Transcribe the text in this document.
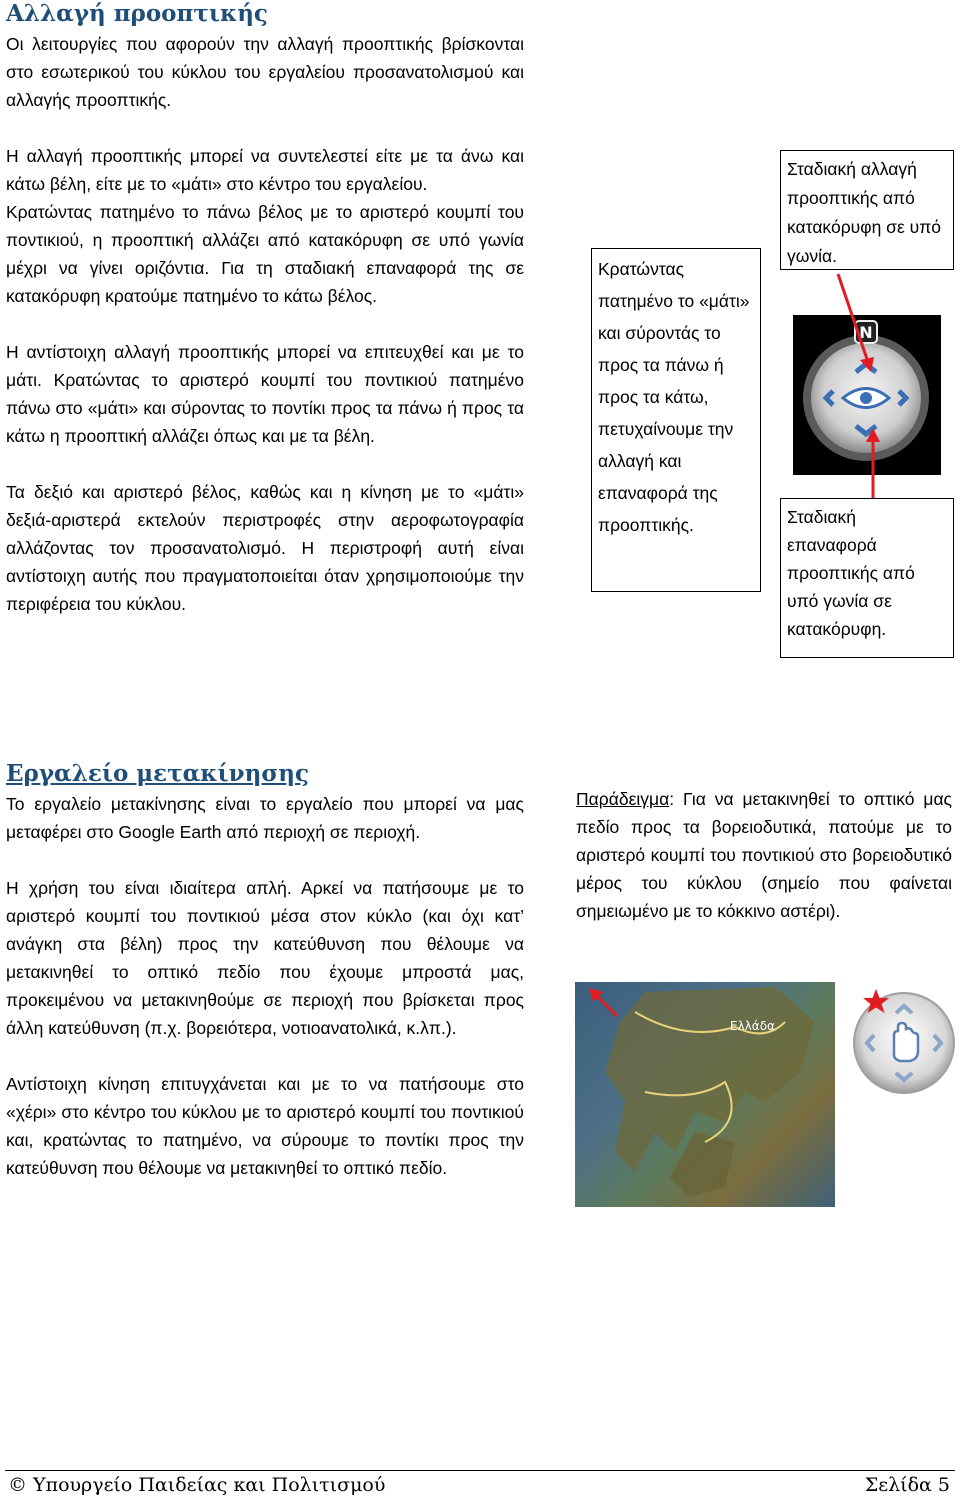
Αλλαγή προοπτικής

Οι λειτουργίες που αφορούν την αλλαγή προοπτικής βρίσκονται στο εσωτερικού του κύκλου του εργαλείου προσανατολισμού και αλλαγής προοπτικής.

Η αλλαγή προοπτικής μπορεί να συντελεστεί είτε με τα άνω και κάτω βέλη, είτε με το «μάτι» στο κέντρο του εργαλείου.
Κρατώντας πατημένο το πάνω βέλος με το αριστερό κουμπί του ποντικιού, η προοπτική αλλάζει από κατακόρυφη σε υπό γωνία μέχρι να γίνει οριζόντια. Για τη σταδιακή επαναφορά της σε κατακόρυφη κρατούμε πατημένο το κάτω βέλος.

Η αντίστοιχη αλλαγή προοπτικής μπορεί να επιτευχθεί και με το μάτι. Κρατώντας το αριστερό κουμπί του ποντικιού πατημένο πάνω στο «μάτι» και σύροντας το ποντίκι προς τα πάνω ή προς τα κάτω η προοπτική αλλάζει όπως και με τα βέλη.

Τα δεξιό και αριστερό βέλος, καθώς και η κίνηση με το «μάτι» δεξιά-αριστερά εκτελούν περιστροφές στην αεροφωτογραφία αλλάζοντας τον προσανατολισμό. Η περιστροφή αυτή είναι αντίστοιχη αυτής που πραγματοποιείται όταν χρησιμοποιούμε την περιφέρεια του κύκλου.

Κρατώντας πατημένο το «μάτι» και σύροντάς το προς τα πάνω ή προς τα κάτω, πετυχαίνουμε την αλλαγή και επαναφορά της προοπτικής.
Σταδιακή αλλαγή προοπτικής από κατακόρυφη σε υπό γωνία.
Σταδιακή επαναφορά προοπτικής από υπό γωνία σε κατακόρυφη.
N
Εργαλείο μετακίνησης

Το εργαλείο μετακίνησης είναι το εργαλείο που μπορεί να μας μεταφέρει στο Google Earth από περιοχή σε περιοχή.

Η χρήση του είναι ιδιαίτερα απλή. Αρκεί να πατήσουμε με το αριστερό κουμπί του ποντικιού μέσα στον κύκλο (και όχι κατ’ ανάγκη στα βέλη) προς την κατεύθυνση που θέλουμε να μετακινηθεί το οπτικό πεδίο που έχουμε μπροστά μας, προκειμένου να μετακινηθούμε σε περιοχή που βρίσκεται προς άλλη κατεύθυνση (π.χ. βορειότερα, νοτιοανατολικά, κ.λπ.).

Αντίστοιχη κίνηση επιτυγχάνεται και με το να πατήσουμε στο «χέρι» στο κέντρο του κύκλου με το αριστερό κουμπί του ποντικιού και, κρατώντας το πατημένο, να σύρουμε το ποντίκι προς την κατεύθυνση που θέλουμε να μετακινηθεί το οπτικό πεδίο.

Παράδειγμα: Για να μετακινηθεί το οπτικό μας πεδίο προς τα βορειοδυτικά, πατούμε με το αριστερό κουμπί του ποντικιού στο βορειοδυτικό μέρος του κύκλου (σημείο που φαίνεται σημειωμένο με το κόκκινο αστέρι).

Ελλάδα
© Υπουργείο Παιδείας και Πολιτισμού	Σελίδα 5
